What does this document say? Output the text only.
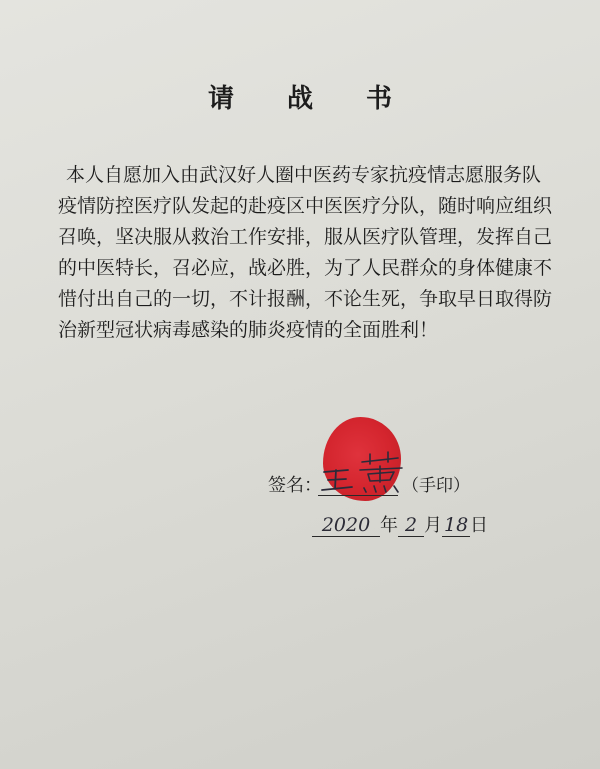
请 战 书
本人自愿加入由武汉好人圈中医药专家抗疫情志愿服务队
疫情防控医疗队发起的赴疫区中医医疗分队，随时响应组织
召唤，坚决服从救治工作安排，服从医疗队管理，发挥自己
的中医特长，召必应，战必胜，为了人民群众的身体健康不
惜付出自己的一切，不计报酬，不论生死，争取早日取得防
治新型冠状病毒感染的肺炎疫情的全面胜利！
签名：	（手印）
2020 年 2 月 18 日
